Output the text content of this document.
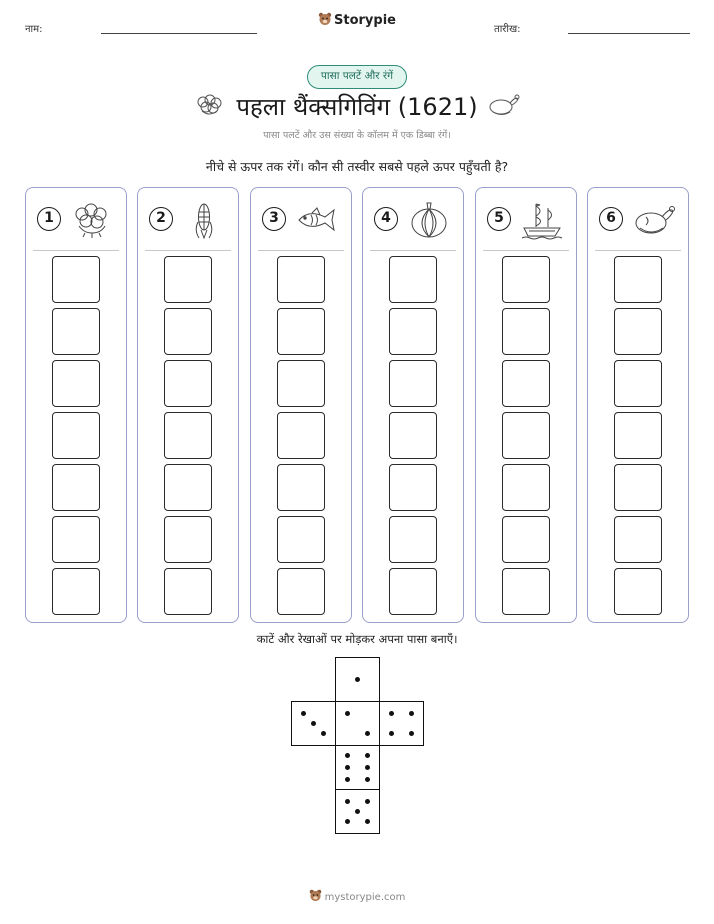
नाम:
Storypie
तारीख:
पासा पलटें और रंगें
पहला थैंक्सगिविंग (1621)
पासा पलटें और उस संख्या के कॉलम में एक डिब्बा रंगें।
नीचे से ऊपर तक रंगें। कौन सी तस्वीर सबसे पहले ऊपर पहुँचती है?
1	2	3	4	5	6
काटें और रेखाओं पर मोड़कर अपना पासा बनाएँ।
mystorypie.com
